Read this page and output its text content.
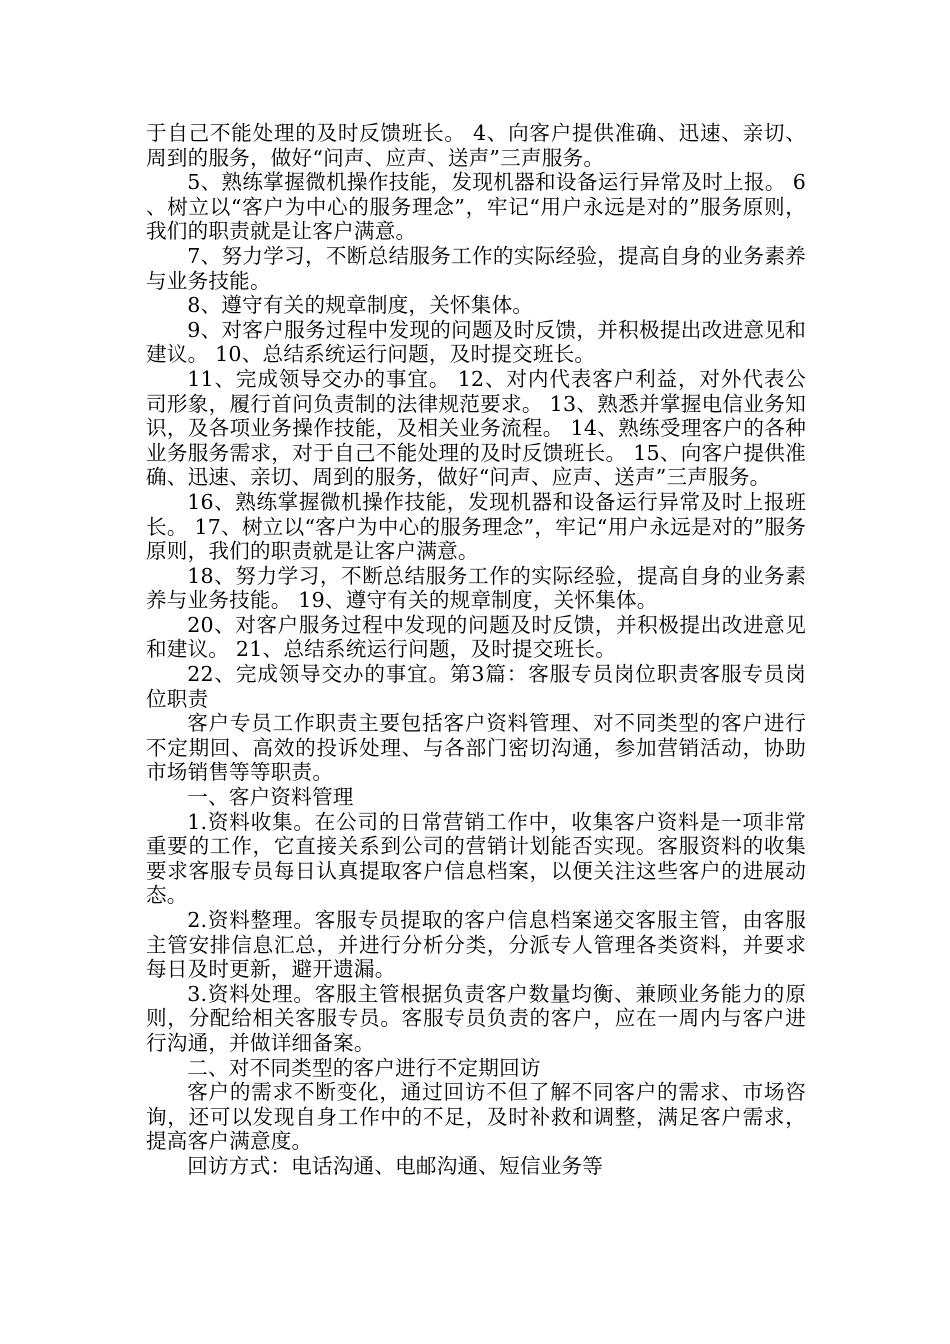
于自己不能处理的及时反馈班长。 4、向客户提供准确、迅速、亲切、周到的服务，做好“问声、应声、送声”三声服务。

5、熟练掌握微机操作技能，发现机器和设备运行异常及时上报。 6、树立以“客户为中心的服务理念”，牢记“用户永远是对的”服务原则，我们的职责就是让客户满意。

7、努力学习，不断总结服务工作的实际经验，提高自身的业务素养与业务技能。

8、遵守有关的规章制度，关怀集体。

9、对客户服务过程中发现的问题及时反馈，并积极提出改进意见和建议。 10、总结系统运行问题，及时提交班长。

11、完成领导交办的事宜。 12、对内代表客户利益，对外代表公司形象，履行首问负责制的法律规范要求。 13、熟悉并掌握电信业务知识，及各项业务操作技能，及相关业务流程。 14、熟练受理客户的各种业务服务需求，对于自己不能处理的及时反馈班长。 15、向客户提供准确、迅速、亲切、周到的服务，做好“问声、应声、送声”三声服务。

16、熟练掌握微机操作技能，发现机器和设备运行异常及时上报班长。 17、树立以“客户为中心的服务理念”，牢记“用户永远是对的”服务原则，我们的职责就是让客户满意。

18、努力学习，不断总结服务工作的实际经验，提高自身的业务素养与业务技能。 19、遵守有关的规章制度，关怀集体。

20、对客户服务过程中发现的问题及时反馈，并积极提出改进意见和建议。 21、总结系统运行问题，及时提交班长。

22、完成领导交办的事宜。第3篇：客服专员岗位职责客服专员岗位职责

客户专员工作职责主要包括客户资料管理、对不同类型的客户进行不定期回、高效的投诉处理、与各部门密切沟通，参加营销活动，协助市场销售等等职责。

一、客户资料管理

1.资料收集。在公司的日常营销工作中，收集客户资料是一项非常重要的工作，它直接关系到公司的营销计划能否实现。客服资料的收集要求客服专员每日认真提取客户信息档案，以便关注这些客户的进展动态。

2.资料整理。客服专员提取的客户信息档案递交客服主管，由客服主管安排信息汇总，并进行分析分类，分派专人管理各类资料，并要求每日及时更新，避开遗漏。

3.资料处理。客服主管根据负责客户数量均衡、兼顾业务能力的原则，分配给相关客服专员。客服专员负责的客户，应在一周内与客户进行沟通，并做详细备案。

二、对不同类型的客户进行不定期回访

客户的需求不断变化，通过回访不但了解不同客户的需求、市场咨询，还可以发现自身工作中的不足，及时补救和调整，满足客户需求，提高客户满意度。

回访方式：电话沟通、电邮沟通、短信业务等
